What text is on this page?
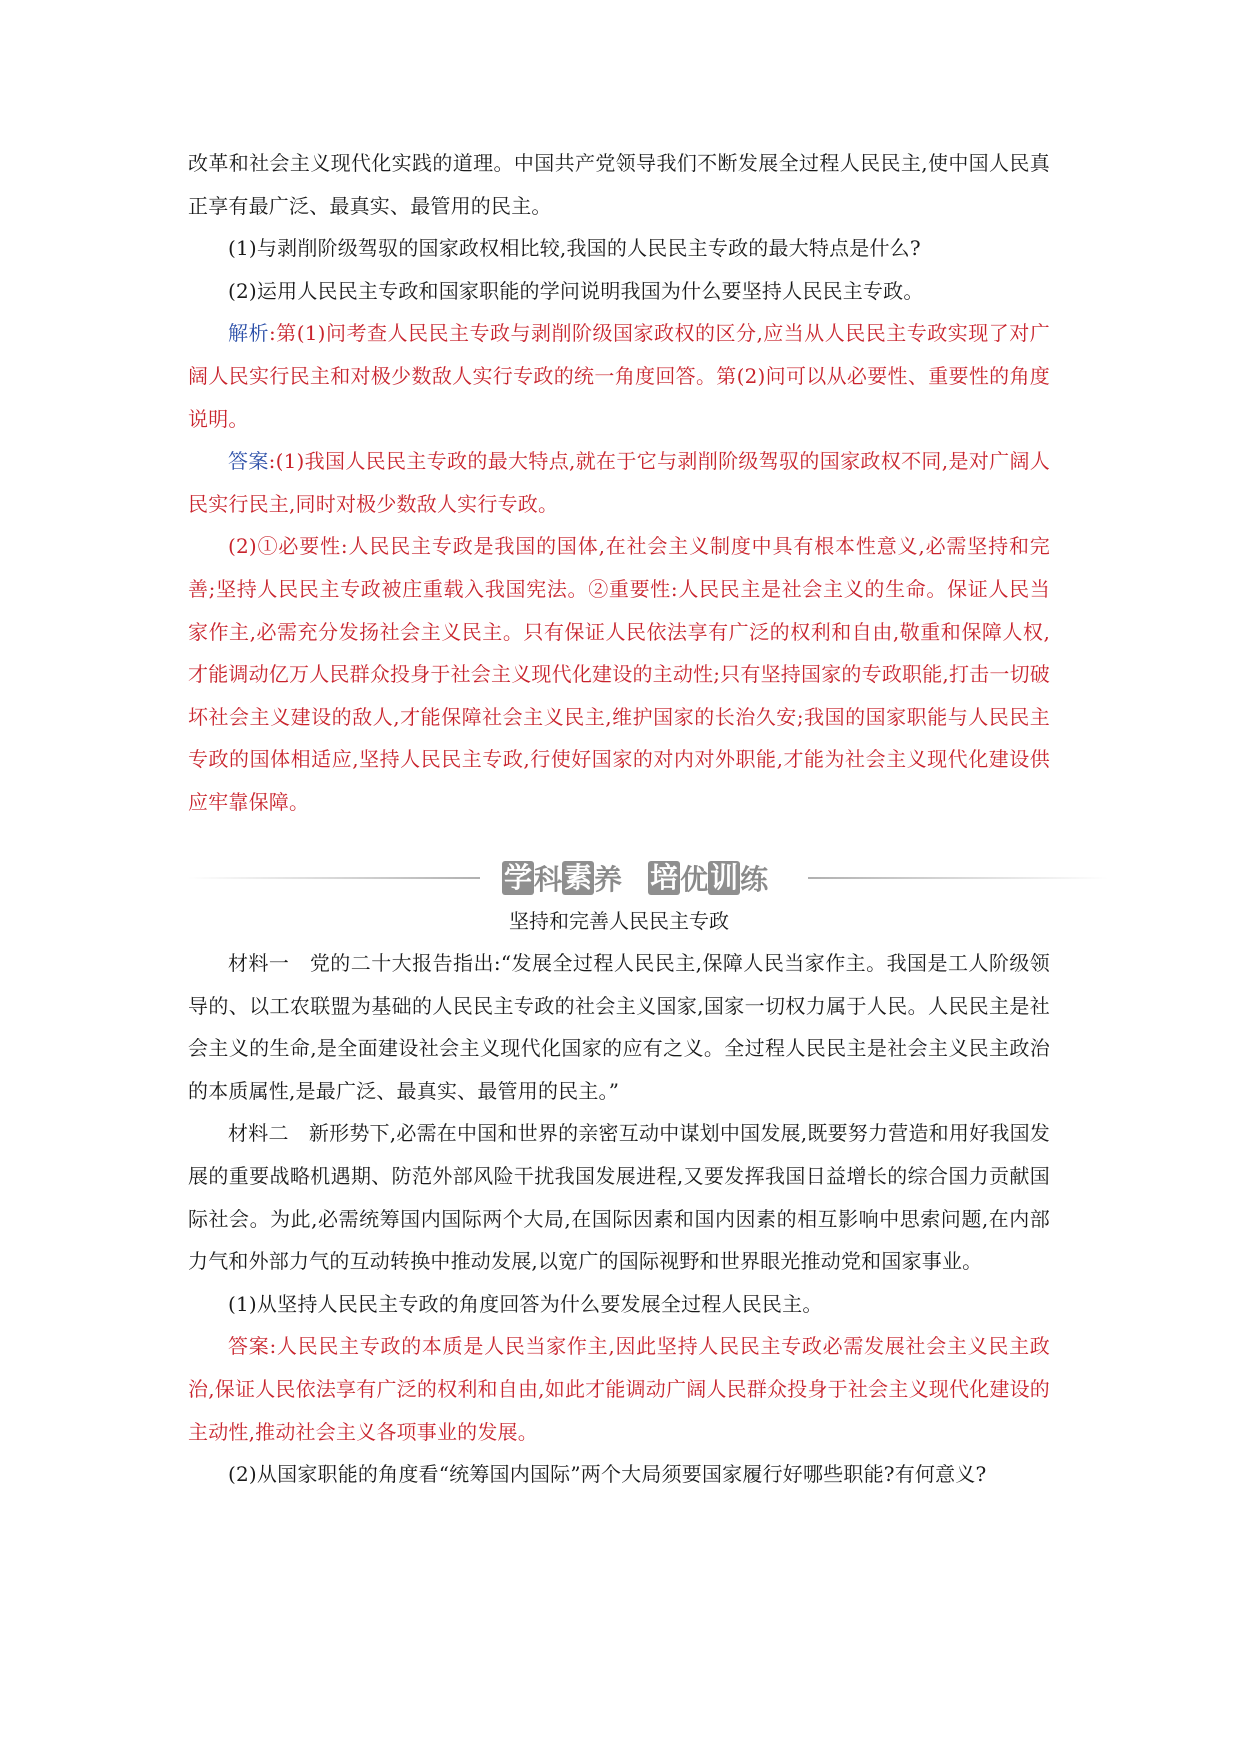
改革和社会主义现代化实践的道理。中国共产党领导我们不断发展全过程人民民主,使中国人民真正享有最广泛、最真实、最管用的民主。

(1)与剥削阶级驾驭的国家政权相比较,我国的人民民主专政的最大特点是什么?

(2)运用人民民主专政和国家职能的学问说明我国为什么要坚持人民民主专政。

解析:第(1)问考查人民民主专政与剥削阶级国家政权的区分,应当从人民民主专政实现了对广阔人民实行民主和对极少数敌人实行专政的统一角度回答。第(2)问可以从必要性、重要性的角度说明。

答案:(1)我国人民民主专政的最大特点,就在于它与剥削阶级驾驭的国家政权不同,是对广阔人民实行民主,同时对极少数敌人实行专政。

(2)①必要性:人民民主专政是我国的国体,在社会主义制度中具有根本性意义,必需坚持和完善;坚持人民民主专政被庄重载入我国宪法。②重要性:人民民主是社会主义的生命。保证人民当家作主,必需充分发扬社会主义民主。只有保证人民依法享有广泛的权利和自由,敬重和保障人权,才能调动亿万人民群众投身于社会主义现代化建设的主动性;只有坚持国家的专政职能,打击一切破坏社会主义建设的敌人,才能保障社会主义民主,维护国家的长治久安;我国的国家职能与人民民主专政的国体相适应,坚持人民民主专政,行使好国家的对内对外职能,才能为社会主义现代化建设供应牢靠保障。

学 科 素 养 培 优 训 练

坚持和完善人民民主专政

材料一　党的二十大报告指出:“发展全过程人民民主,保障人民当家作主。我国是工人阶级领导的、以工农联盟为基础的人民民主专政的社会主义国家,国家一切权力属于人民。人民民主是社会主义的生命,是全面建设社会主义现代化国家的应有之义。全过程人民民主是社会主义民主政治的本质属性,是最广泛、最真实、最管用的民主。”

材料二　新形势下,必需在中国和世界的亲密互动中谋划中国发展,既要努力营造和用好我国发展的重要战略机遇期、防范外部风险干扰我国发展进程,又要发挥我国日益增长的综合国力贡献国际社会。为此,必需统筹国内国际两个大局,在国际因素和国内因素的相互影响中思索问题,在内部力气和外部力气的互动转换中推动发展,以宽广的国际视野和世界眼光推动党和国家事业。

(1)从坚持人民民主专政的角度回答为什么要发展全过程人民民主。

答案:人民民主专政的本质是人民当家作主,因此坚持人民民主专政必需发展社会主义民主政治,保证人民依法享有广泛的权利和自由,如此才能调动广阔人民群众投身于社会主义现代化建设的主动性,推动社会主义各项事业的发展。

(2)从国家职能的角度看“统筹国内国际”两个大局须要国家履行好哪些职能?有何意义?
